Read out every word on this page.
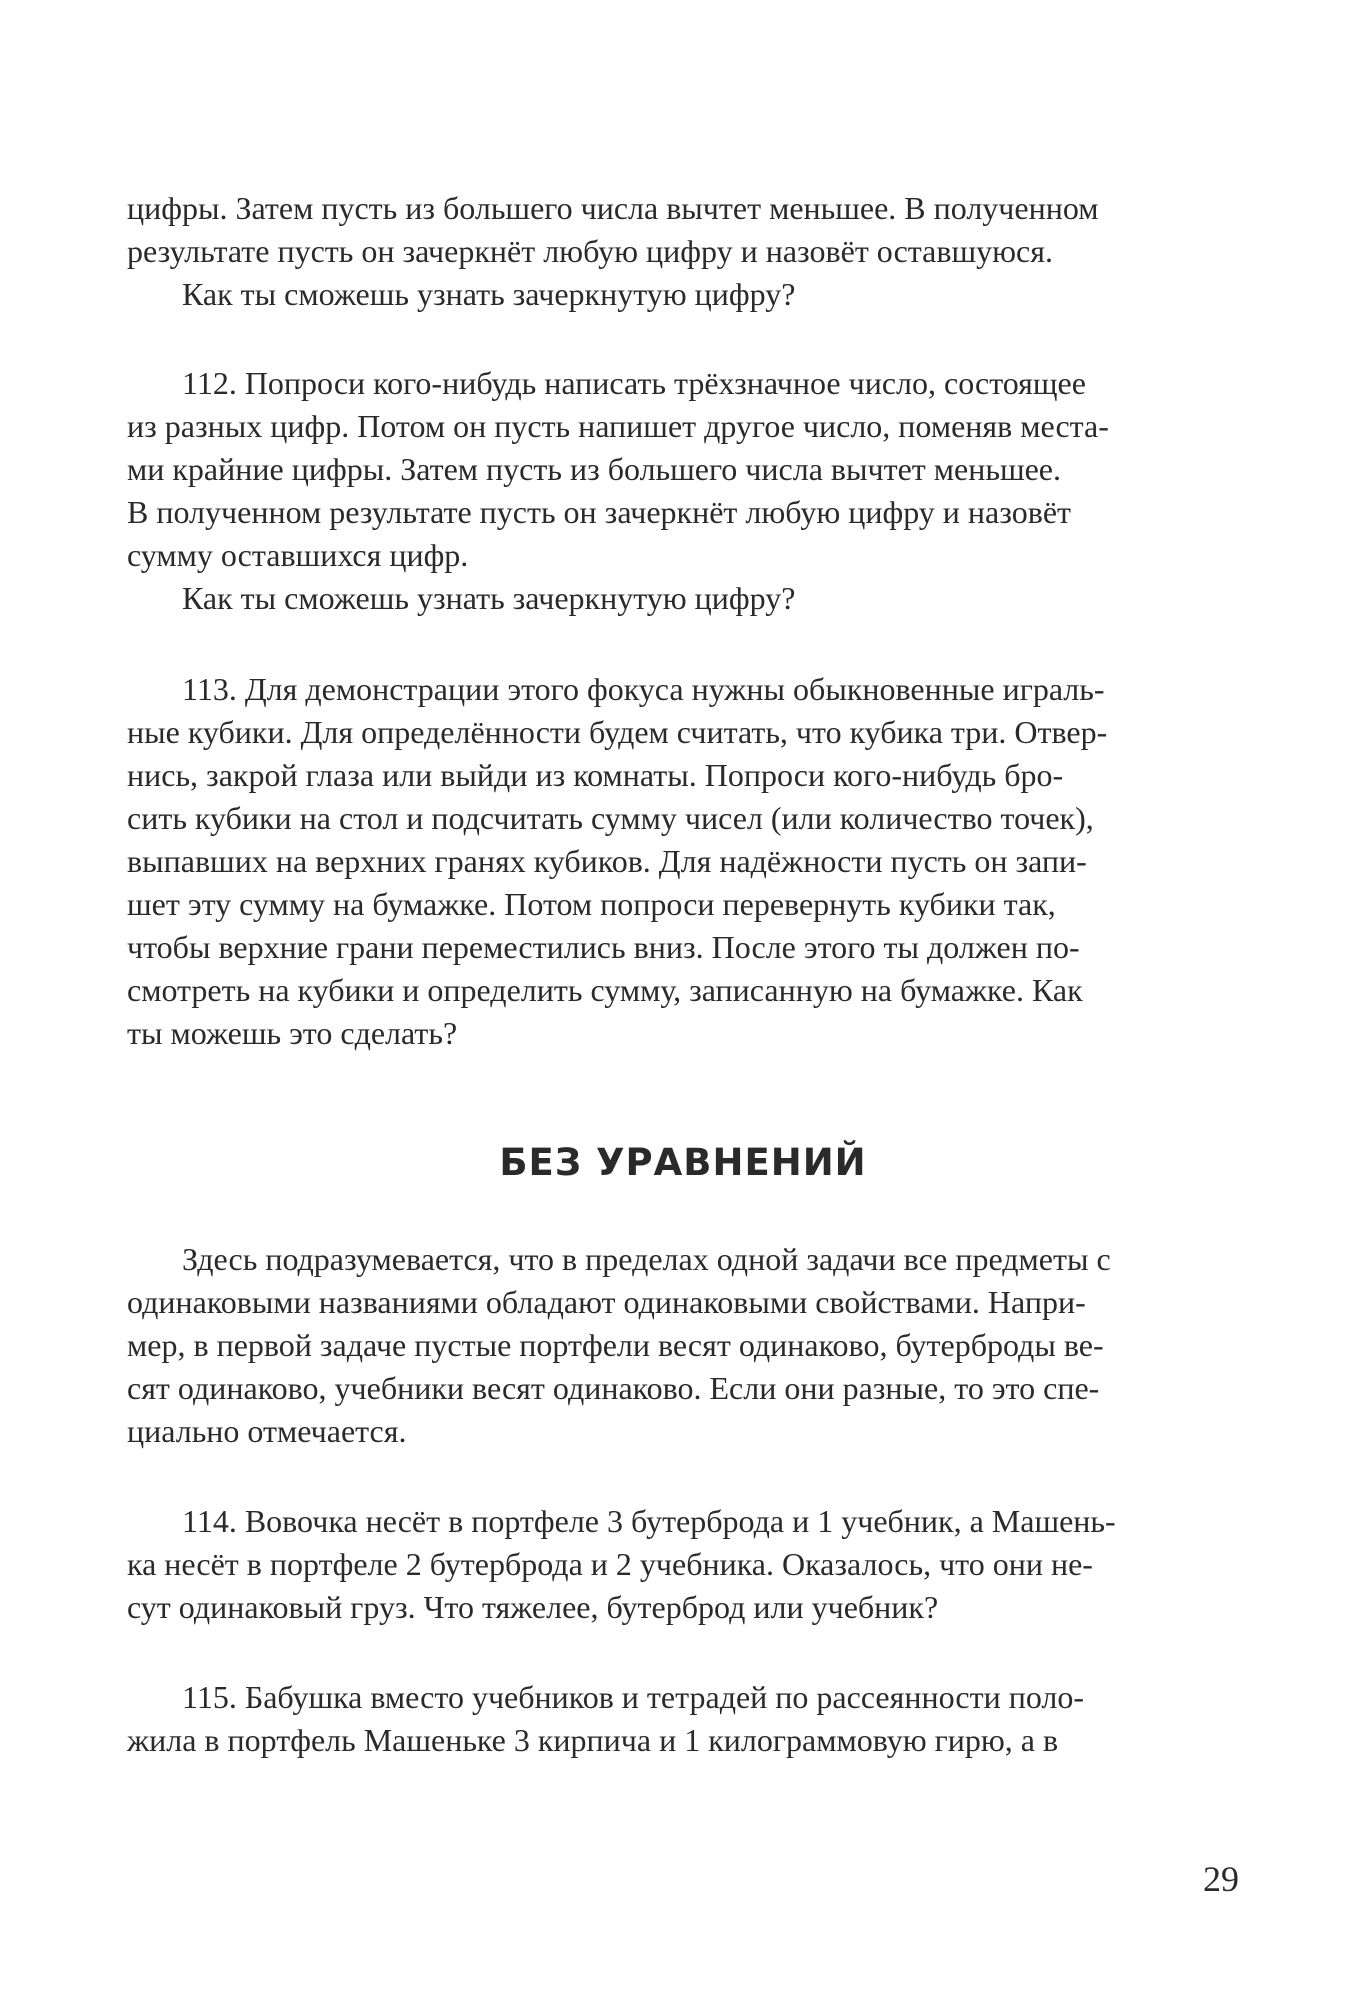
цифры. Затем пусть из большего числа вычтет меньшее. В полученном
результате пусть он зачеркнёт любую цифру и назовёт оставшуюся.
Как ты сможешь узнать зачеркнутую цифру?
112. Попроси кого-нибудь написать трёхзначное число, состоящее
из разных цифр. Потом он пусть напишет другое число, поменяв места-
ми крайние цифры. Затем пусть из большего числа вычтет меньшее.
В полученном результате пусть он зачеркнёт любую цифру и назовёт
сумму оставшихся цифр.
Как ты сможешь узнать зачеркнутую цифру?
113. Для демонстрации этого фокуса нужны обыкновенные играль-
ные кубики. Для определённости будем считать, что кубика три. Отвер-
нись, закрой глаза или выйди из комнаты. Попроси кого-нибудь бро-
сить кубики на стол и подсчитать сумму чисел (или количество точек),
выпавших на верхних гранях кубиков. Для надёжности пусть он запи-
шет эту сумму на бумажке. Потом попроси перевернуть кубики так,
чтобы верхние грани переместились вниз. После этого ты должен по-
смотреть на кубики и определить сумму, записанную на бумажке. Как
ты можешь это сделать?
БЕЗ УРАВНЕНИЙ
Здесь подразумевается, что в пределах одной задачи все предметы с
одинаковыми названиями обладают одинаковыми свойствами. Напри-
мер, в первой задаче пустые портфели весят одинаково, бутерброды ве-
сят одинаково, учебники весят одинаково. Если они разные, то это спе-
циально отмечается.
114. Вовочка несёт в портфеле 3 бутерброда и 1 учебник, а Машень-
ка несёт в портфеле 2 бутерброда и 2 учебника. Оказалось, что они не-
сут одинаковый груз. Что тяжелее, бутерброд или учебник?
115. Бабушка вместо учебников и тетрадей по рассеянности поло-
жила в портфель Машеньке 3 кирпича и 1 килограммовую гирю, а в
29
